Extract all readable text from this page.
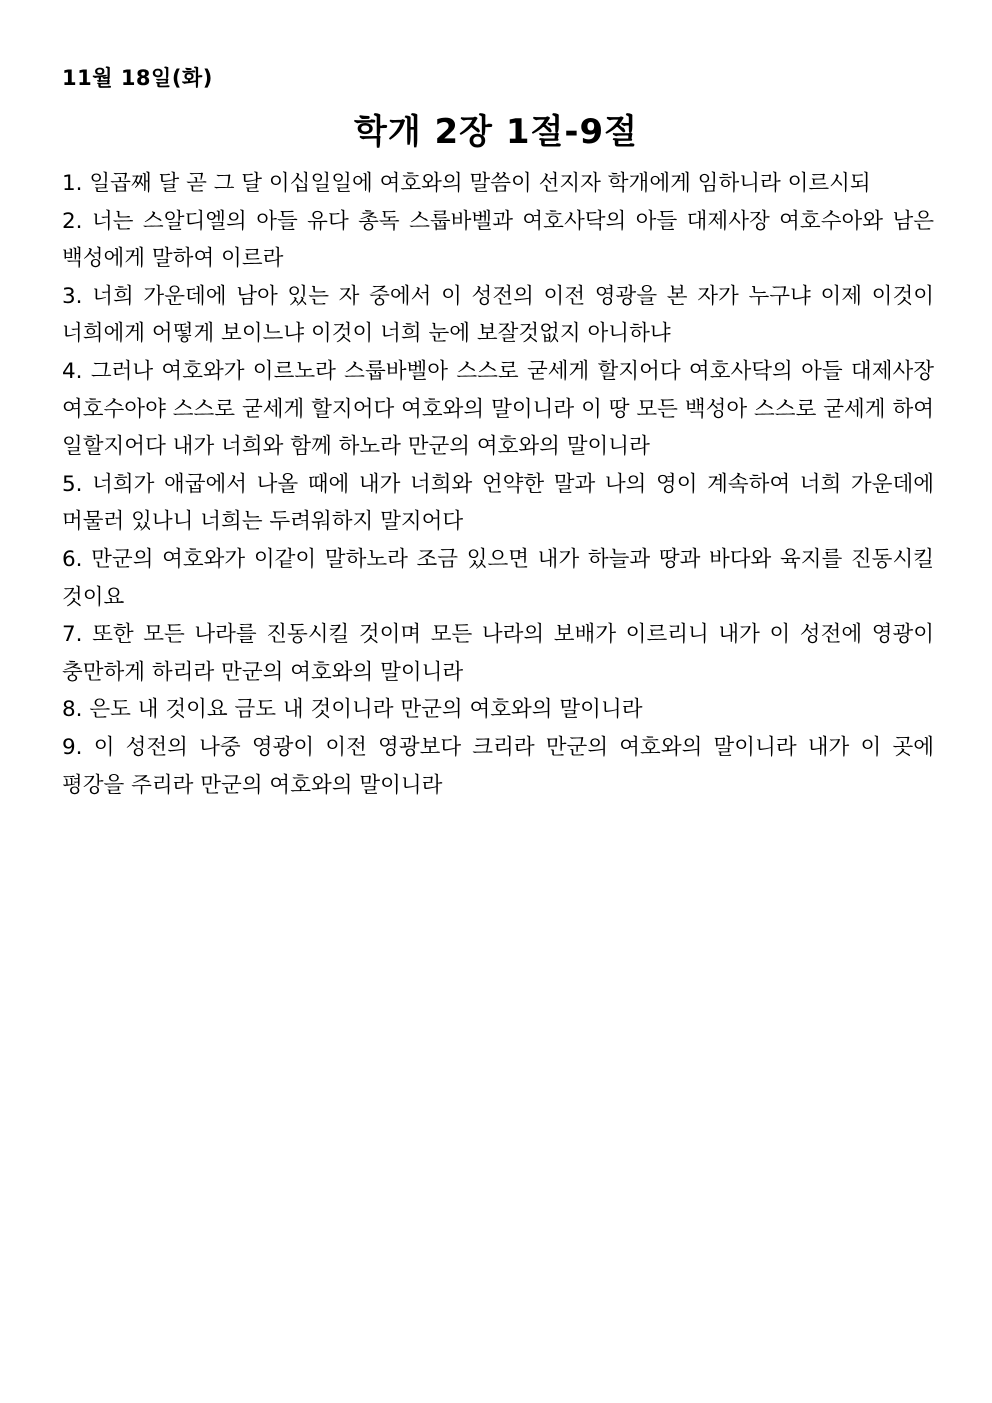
11월 18일(화)
학개 2장 1절-9절
1. 일곱째 달 곧 그 달 이십일일에 여호와의 말씀이 선지자 학개에게 임하니라 이르시되
2. 너는 스알디엘의 아들 유다 총독 스룹바벨과 여호사닥의 아들 대제사장 여호수아와 남은 백성에게 말하여 이르라
3. 너희 가운데에 남아 있는 자 중에서 이 성전의 이전 영광을 본 자가 누구냐 이제 이것이 너희에게 어떻게 보이느냐 이것이 너희 눈에 보잘것없지 아니하냐
4. 그러나 여호와가 이르노라 스룹바벨아 스스로 굳세게 할지어다 여호사닥의 아들 대제사장 여호수아야 스스로 굳세게 할지어다 여호와의 말이니라 이 땅 모든 백성아 스스로 굳세게 하여 일할지어다 내가 너희와 함께 하노라 만군의 여호와의 말이니라
5. 너희가 애굽에서 나올 때에 내가 너희와 언약한 말과 나의 영이 계속하여 너희 가운데에 머물러 있나니 너희는 두려워하지 말지어다
6. 만군의 여호와가 이같이 말하노라 조금 있으면 내가 하늘과 땅과 바다와 육지를 진동시킬 것이요
7. 또한 모든 나라를 진동시킬 것이며 모든 나라의 보배가 이르리니 내가 이 성전에 영광이 충만하게 하리라 만군의 여호와의 말이니라
8. 은도 내 것이요 금도 내 것이니라 만군의 여호와의 말이니라
9. 이 성전의 나중 영광이 이전 영광보다 크리라 만군의 여호와의 말이니라 내가 이 곳에 평강을 주리라 만군의 여호와의 말이니라
